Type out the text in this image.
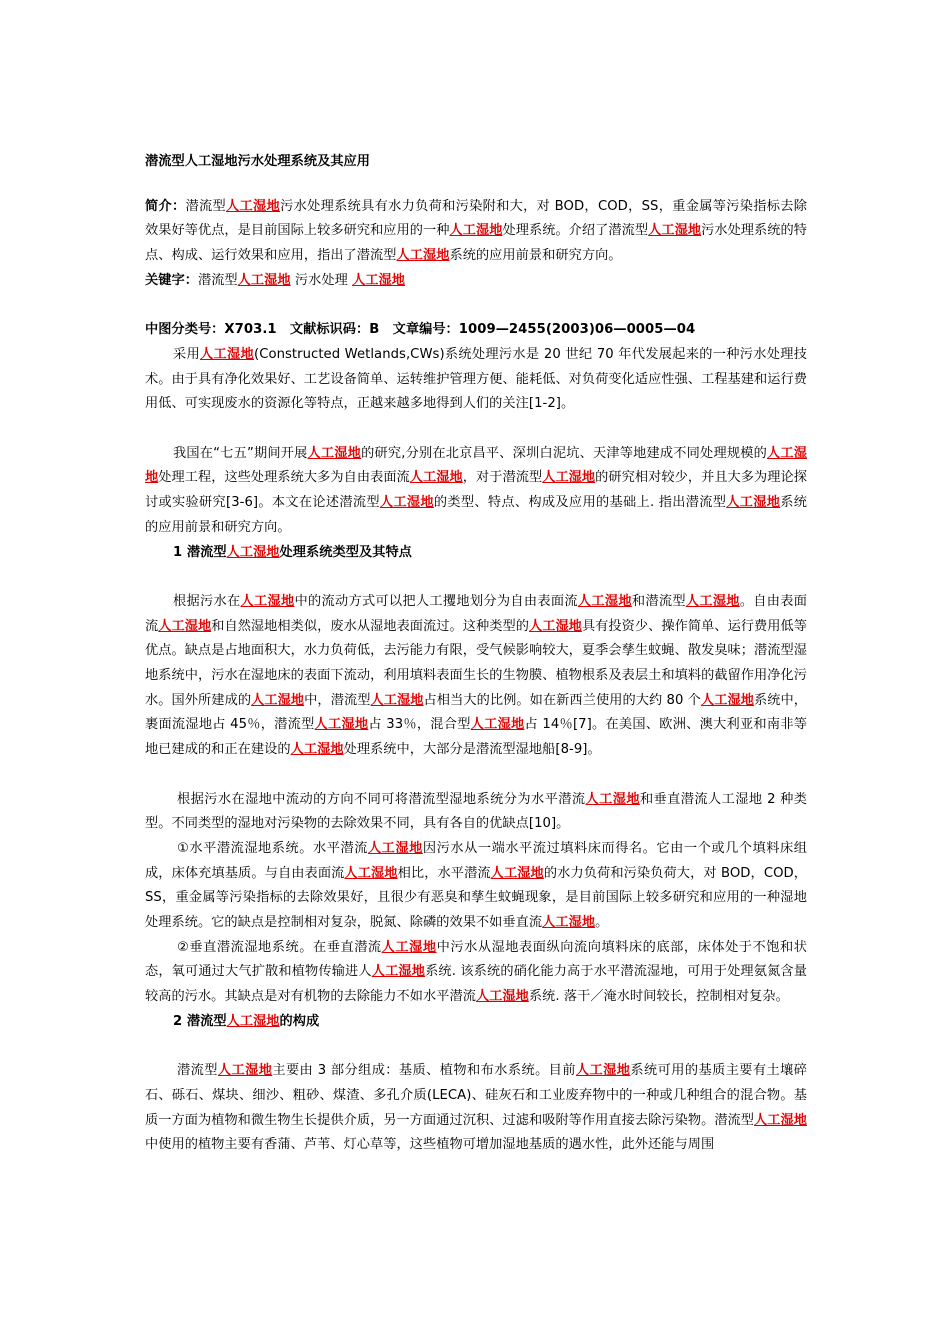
潜流型人工湿地污水处理系统及其应用

简介：潜流型人工湿地污水处理系统具有水力负荷和污染附和大，对 BOD，COD，SS，重金属等污染指标去除效果好等优点，是目前国际上较多研究和应用的一种人工湿地处理系统。介绍了潜流型人工湿地污水处理系统的特点、构成、运行效果和应用，指出了潜流型人工湿地系统的应用前景和研究方向。

关键字：潜流型人工湿地 污水处理 人工湿地

中图分类号：X703.1　文献标识码：B　文章编号：1009—2455(2003)06—0005—04

采用人工湿地(Constructed Wetlands,CWs)系统处理污水是 20 世纪 70 年代发展起来的一种污水处理技术。由于具有净化效果好、工艺设备简单、运转维护管理方便、能耗低、对负荷变化适应性强、工程基建和运行费用低、可实现废水的资源化等特点，正越来越多地得到人们的关注[1-2]。

我国在“七五”期间开展人工湿地的研究,分别在北京昌平、深圳白泥坑、天津等地建成不同处理规模的人工湿地处理工程，这些处理系统大多为自由表面流人工湿地，对于潜流型人工湿地的研究相对较少，并且大多为理论探讨或实验研究[3-6]。本文在论述潜流型人工湿地的类型、特点、构成及应用的基础上. 指出潜流型人工湿地系统的应用前景和研究方向。

1 潜流型人工湿地处理系统类型及其特点

根据污水在人工湿地中的流动方式可以把人工攫地划分为自由表面流人工湿地和潜流型人工湿地。自由表面流人工湿地和自然湿地相类似，废水从湿地表面流过。这种类型的人工湿地具有投资少、操作简单、运行费用低等优点。缺点是占地面积大，水力负荷低，去污能力有限，受气候影响较大，夏季会孳生蚊蝇、散发臭味；潜流型湿地系统中，污水在湿地床的表面下流动，利用填料表面生长的生物膜、植物根系及表层土和填料的截留作用净化污水。国外所建成的人工湿地中，潜流型人工湿地占相当大的比例。如在新西兰使用的大约 80 个人工湿地系统中，裹面流湿地占 45％，潜流型人工湿地占 33％，混合型人工湿地占 14％[7]。在美国、欧洲、澳大利亚和南非等地已建成的和正在建设的人工湿地处理系统中，大部分是潜流型湿地船[8-9]。

根据污水在湿地中流动的方向不同可将潜流型湿地系统分为水平潜流人工湿地和垂直潜流人工湿地 2 种类型。不同类型的湿地对污染物的去除效果不同，具有各自的优缺点[10]。

①水平潜流湿地系统。水平潜流人工湿地因污水从一端水平流过填料床而得名。它由一个或几个填料床组成，床体充填基质。与自由表面流人工湿地相比，水平潜流人工湿地的水力负荷和污染负荷大，对 BOD，COD，SS，重金属等污染指标的去除效果好，且很少有恶臭和孳生蚊蝇现象，是目前国际上较多研究和应用的一种湿地处理系统。它的缺点是控制相对复杂，脱氮、除磷的效果不如垂直流人工湿地。

②垂直潜流湿地系统。在垂直潜流人工湿地中污水从湿地表面纵向流向填料床的底部，床体处于不饱和状态，氧可通过大气扩散和植物传输进人人工湿地系统. 该系统的硝化能力高于水平潜流湿地，可用于处理氨氮含量较高的污水。其缺点是对有机物的去除能力不如水平潜流人工湿地系统. 落干／淹水时间较长，控制相对复杂。

2 潜流型人工湿地的构成

潜流型人工湿地主要由 3 部分组成：基质、植物和布水系统。目前人工湿地系统可用的基质主要有土壤碎石、砾石、煤块、细沙、粗砂、煤渣、多孔介质(LECA)、硅灰石和工业废弃物中的一种或几种组合的混合物。基质一方面为植物和微生物生长提供介质，另一方面通过沉积、过滤和吸附等作用直接去除污染物。潜流型人工湿地中使用的植物主要有香蒲、芦苇、灯心草等，这些植物可增加湿地基质的遇水性，此外还能与周围
